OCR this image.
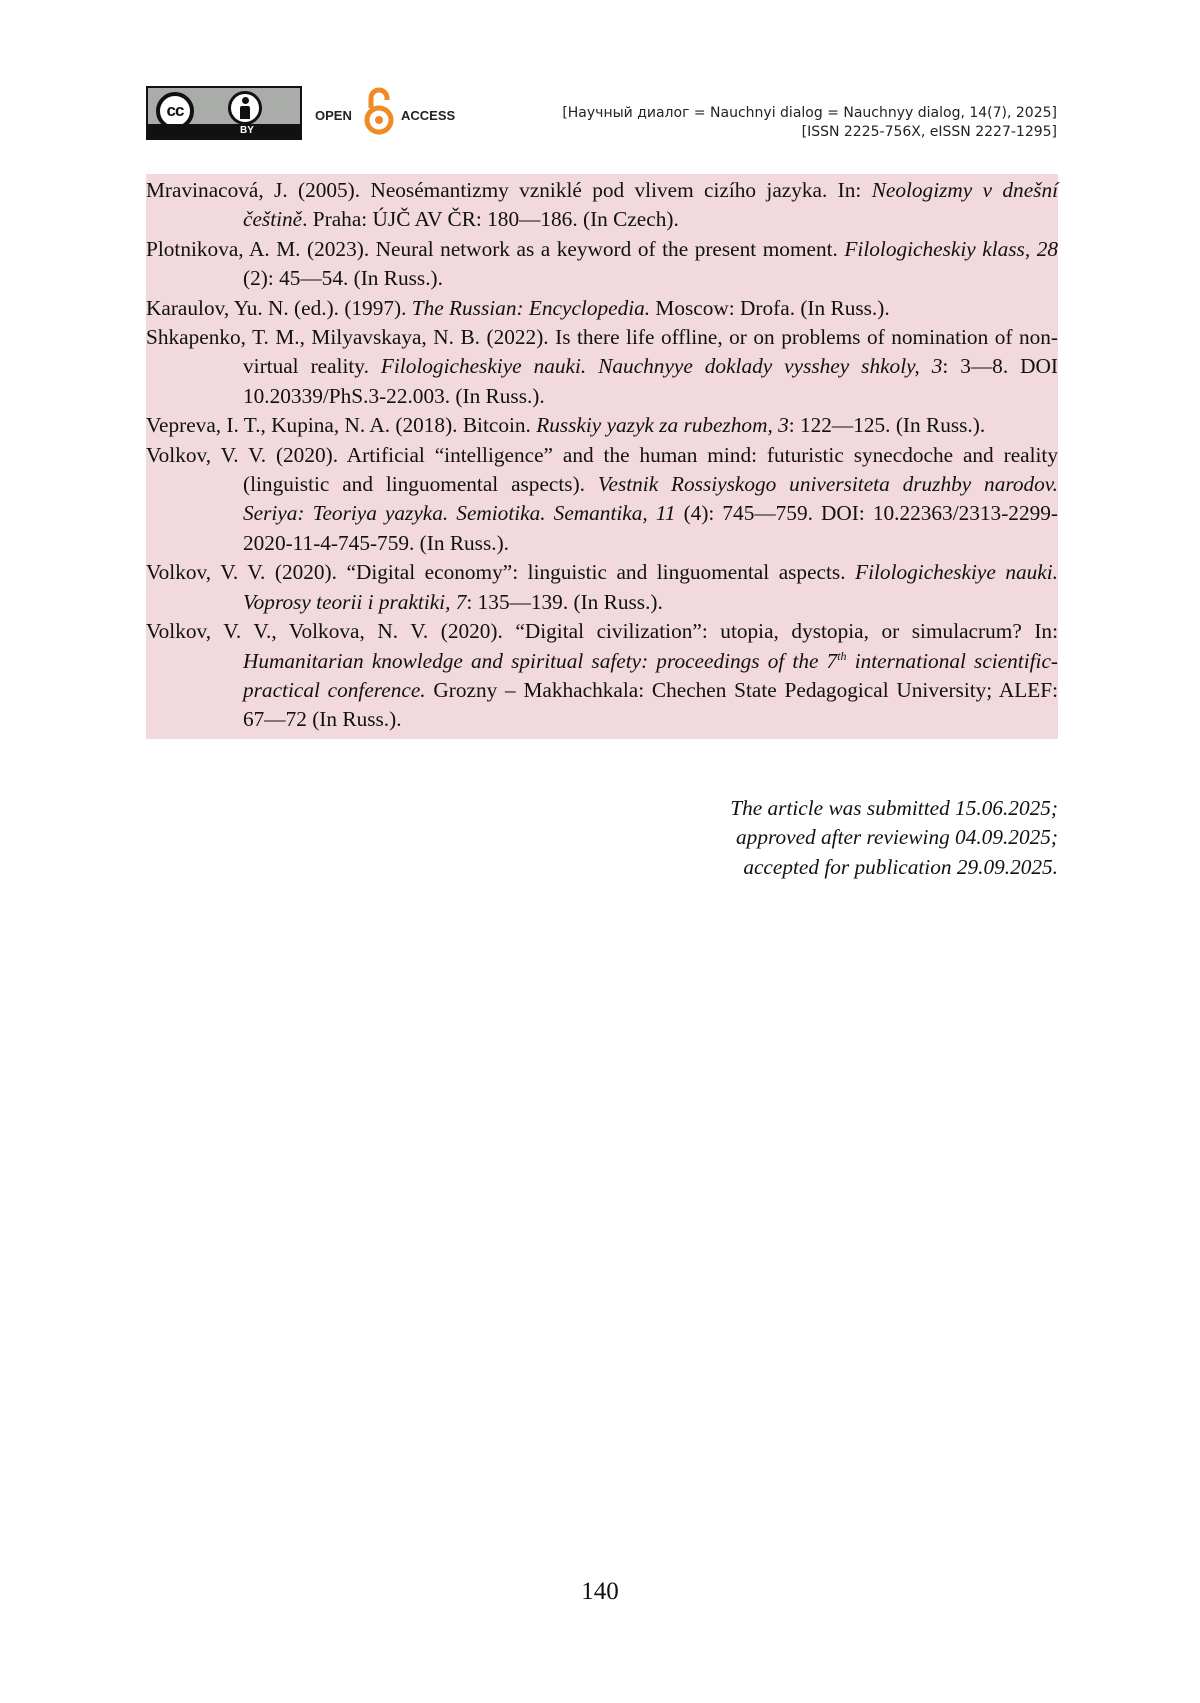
cc
BY
OPEN	ACCESS	[Научный диалог = Nauchnyi dialog = Nauchnyy dialog, 14(7), 2025]
[ISSN 2225-756X, eISSN 2227-1295]
Mravinacová, J. (2005). Neosémantizmy vzniklé pod vlivem cizího jazyka. In: Neologizmy v dnešní češtině. Praha: ÚJČ AV ČR: 180—186. (In Czech).
Plotnikova, A. M. (2023). Neural network as a keyword of the present moment. Filologicheskiy klass, 28 (2): 45—54. (In Russ.).
Karaulov, Yu. N. (ed.). (1997). The Russian: Encyclopedia. Moscow: Drofa. (In Russ.).
Shkapenko, T. M., Milyavskaya, N. B. (2022). Is there life offline, or on problems of nomination of non-virtual reality. Filologicheskiye nauki. Nauchnyye doklady vysshey shkoly, 3: 3—8. DOI 10.20339/PhS.3-22.003. (In Russ.).
Vepreva, I. T., Kupina, N. A. (2018). Bitcoin. Russkiy yazyk za rubezhom, 3: 122—125. (In Russ.).
Volkov, V. V. (2020). Artificial “intelligence” and the human mind: futuristic synecdoche and reality (linguistic and linguomental aspects). Vestnik Rossiyskogo universiteta druzhby narodov. Seriya: Teoriya yazyka. Semiotika. Semantika, 11 (4): 745—759. DOI: 10.22363/2313-2299-2020-11-4-745-759. (In Russ.).
Volkov, V. V. (2020). “Digital economy”: linguistic and linguomental aspects. Filologicheskiye nauki. Voprosy teorii i praktiki, 7: 135—139. (In Russ.).
Volkov, V. V., Volkova, N. V. (2020). “Digital civilization”: utopia, dystopia, or simulacrum? In: Humanitarian knowledge and spiritual safety: proceedings of the 7th international scientific-practical conference. Grozny – Makhachkala: Chechen State Pedagogical University; ALEF: 67—72 (In Russ.).
The article was submitted 15.06.2025;
approved after reviewing 04.09.2025;
accepted for publication 29.09.2025.
140
